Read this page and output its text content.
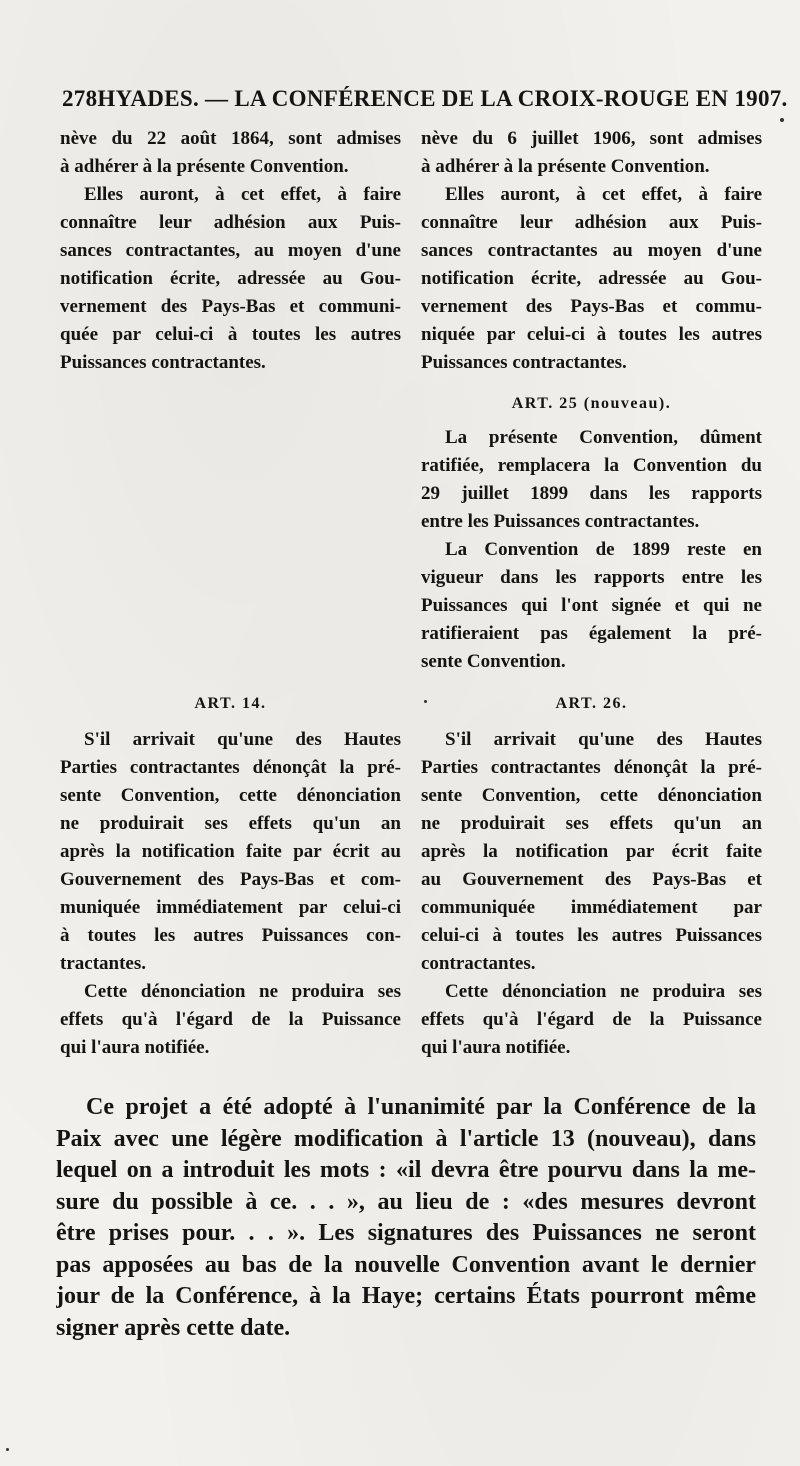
278 HYADES. — LA CONFÉRENCE DE LA CROIX-ROUGE EN 1907.
nève du 22 août 1864, sont admises
à adhérer à la présente Convention.
Elles auront, à cet effet, à faire
connaître leur adhésion aux Puis-
sances contractantes, au moyen d'une
notification écrite, adressée au Gou-
vernement des Pays-Bas et communi-
quée par celui-ci à toutes les autres
Puissances contractantes.
ART. 14.
S'il arrivait qu'une des Hautes
Parties contractantes dénonçât la pré-
sente Convention, cette dénonciation
ne produirait ses effets qu'un an
après la notification faite par écrit au
Gouvernement des Pays-Bas et com-
muniquée immédiatement par celui-ci
à toutes les autres Puissances con-
tractantes.
Cette dénonciation ne produira ses
effets qu'à l'égard de la Puissance
qui l'aura notifiée.
nève du 6 juillet 1906, sont admises
à adhérer à la présente Convention.
Elles auront, à cet effet, à faire
connaître leur adhésion aux Puis-
sances contractantes au moyen d'une
notification écrite, adressée au Gou-
vernement des Pays-Bas et commu-
niquée par celui-ci à toutes les autres
Puissances contractantes.
ART. 25 (nouveau).
La présente Convention, dûment
ratifiée, remplacera la Convention du
29 juillet 1899 dans les rapports
entre les Puissances contractantes.
La Convention de 1899 reste en
vigueur dans les rapports entre les
Puissances qui l'ont signée et qui ne
ratifieraient pas également la pré-
sente Convention.
ART. 26.
S'il arrivait qu'une des Hautes
Parties contractantes dénonçât la pré-
sente Convention, cette dénonciation
ne produirait ses effets qu'un an
après la notification par écrit faite
au Gouvernement des Pays-Bas et
communiquée immédiatement par
celui-ci à toutes les autres Puissances
contractantes.
Cette dénonciation ne produira ses
effets qu'à l'égard de la Puissance
qui l'aura notifiée.
Ce projet a été adopté à l'unanimité par la Conférence de la
Paix avec une légère modification à l'article 13 (nouveau), dans
lequel on a introduit les mots : «il devra être pourvu dans la me-
sure du possible à ce. . . », au lieu de : «des mesures devront
être prises pour. . . ». Les signatures des Puissances ne seront
pas apposées au bas de la nouvelle Convention avant le dernier
jour de la Conférence, à la Haye; certains États pourront même
signer après cette date.
